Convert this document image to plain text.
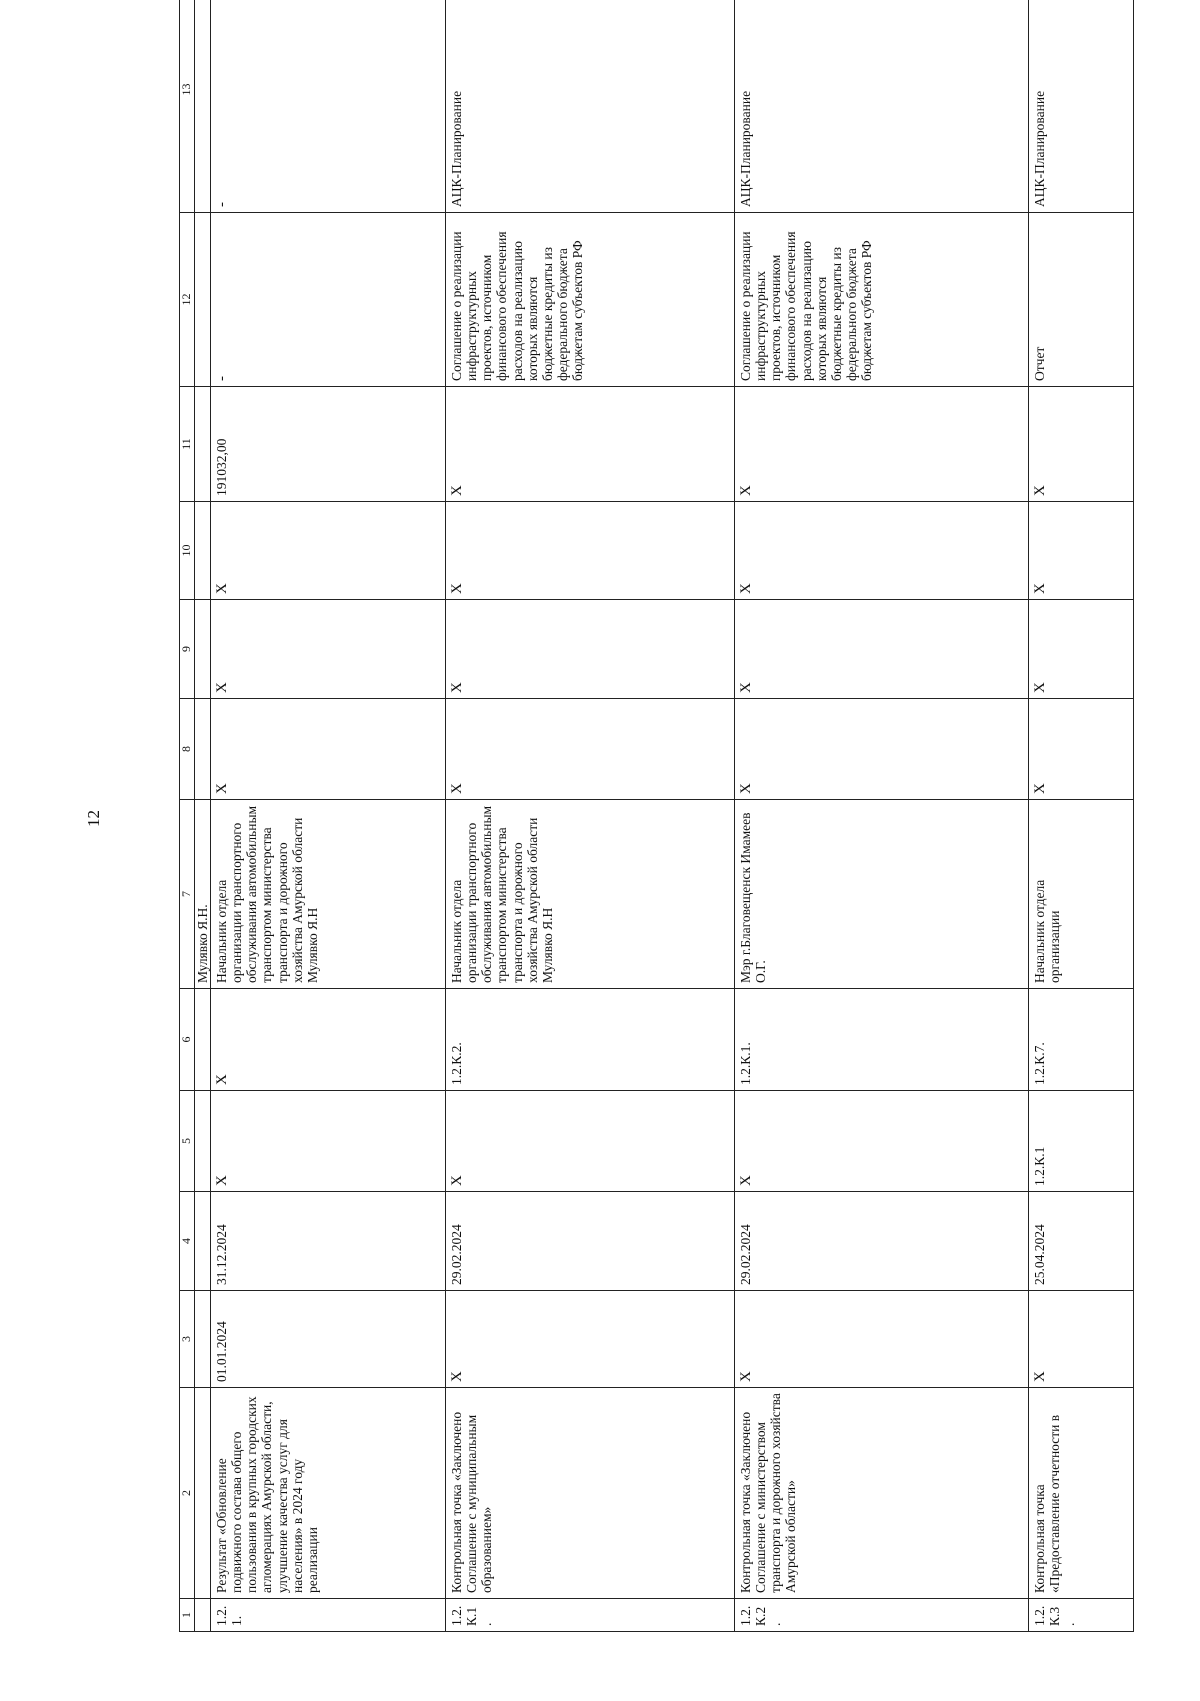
12
1	2	3	4	5	6	7	8	9	10	11	12	13
						Мулявко Я.Н.						
1.2.1.	Результат «Обновление подвижного состава общего пользования в крупных городских агломерациях Амурской области, улучшение качества услуг для населения» в 2024 году реализации	01.01.2024	31.12.2024	X	X	Начальник отдела организации транспортного обслуживания автомобильным транспортом министерства транспорта и дорожного хозяйства Амурской области Мулявко Я.Н	X	X	X	191032,00	-	-
1.2.К.1.	Контрольная точка «Заключено Соглашение с муниципальным образованием»	X	29.02.2024	X	1.2.К.2.	Начальник отдела организации транспортного обслуживания автомобильным транспортом министерства транспорта и дорожного хозяйства Амурской области Мулявко Я.Н	X	X	X	X	Соглашение о реализации инфраструктурных проектов, источником финансового обеспечения расходов на реализацию которых являются бюджетные кредиты из федерального бюджета бюджетам субъектов РФ	АЦК-Планирование
1.2.К.2.	Контрольная точка «Заключено Соглашение с министерством транспорта и дорожного хозяйства Амурской области»	X	29.02.2024	X	1.2.К.1.	Мэр г.Благовещенск Имамеев О.Г.	X	X	X	X	Соглашение о реализации инфраструктурных проектов, источником финансового обеспечения расходов на реализацию которых являются бюджетные кредиты из федерального бюджета бюджетам субъектов РФ	АЦК-Планирование
1.2.К.3.	Контрольная точка «Предоставление отчетности в	X	25.04.2024	1.2.К.1	1.2.К.7.	Начальник отдела организации	X	X	X	X	Отчет	АЦК-Планирование
